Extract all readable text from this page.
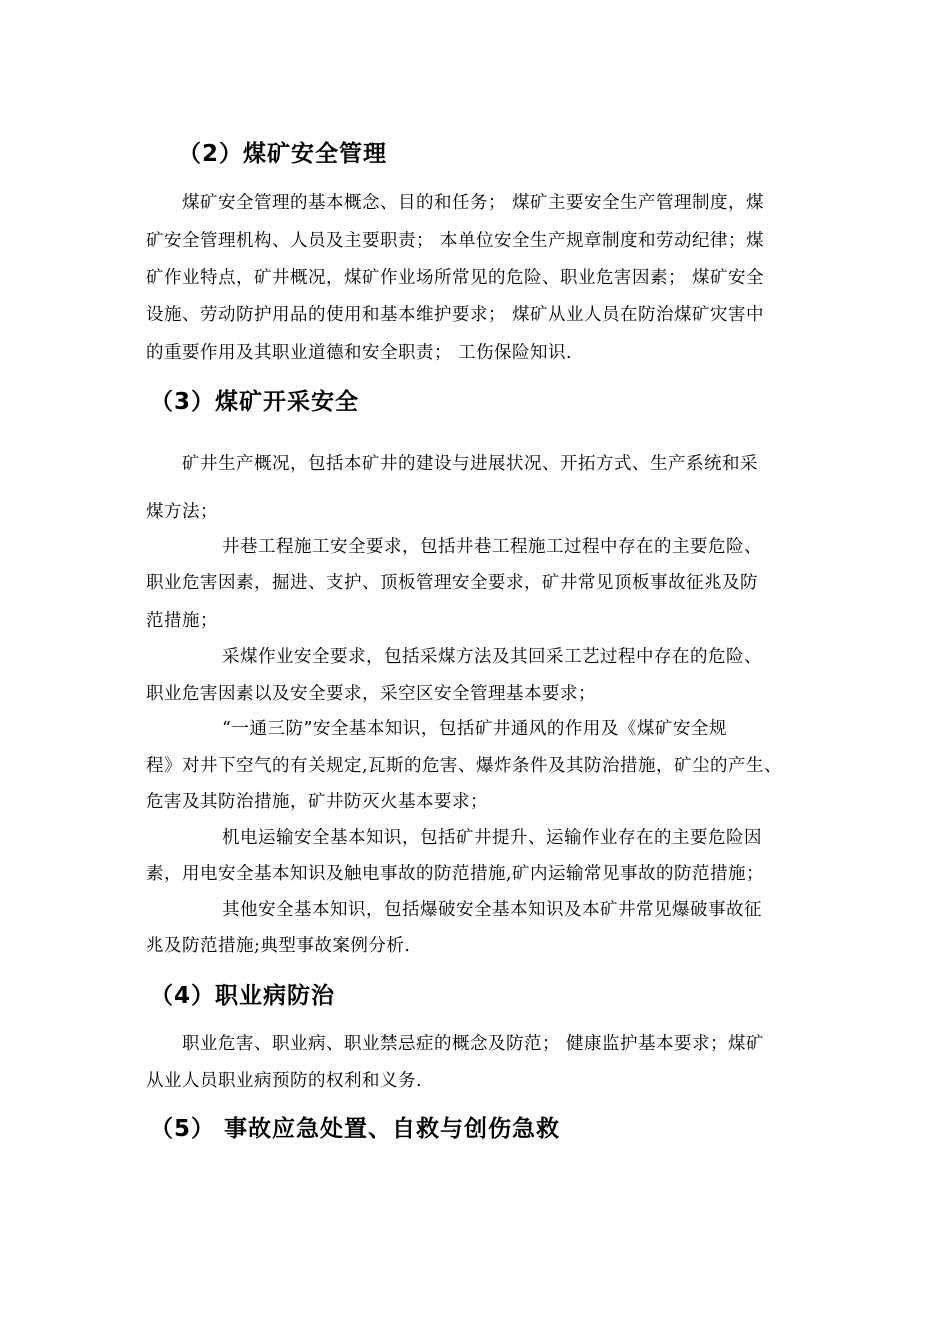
（2）煤矿安全管理
煤矿安全管理的基本概念、目的和任务； 煤矿主要安全生产管理制度，煤
矿安全管理机构、人员及主要职责； 本单位安全生产规章制度和劳动纪律；煤
矿作业特点，矿井概况，煤矿作业场所常见的危险、职业危害因素； 煤矿安全
设施、劳动防护用品的使用和基本维护要求； 煤矿从业人员在防治煤矿灾害中
的重要作用及其职业道德和安全职责； 工伤保险知识.
（3）煤矿开采安全
矿井生产概况，包括本矿井的建设与进展状况、开拓方式、生产系统和采
煤方法；
井巷工程施工安全要求，包括井巷工程施工过程中存在的主要危险、
职业危害因素，掘进、支护、顶板管理安全要求，矿井常见顶板事故征兆及防
范措施；
采煤作业安全要求，包括采煤方法及其回采工艺过程中存在的危险、
职业危害因素以及安全要求，采空区安全管理基本要求；
“一通三防”安全基本知识，包括矿井通风的作用及《煤矿安全规
程》对井下空气的有关规定,瓦斯的危害、爆炸条件及其防治措施，矿尘的产生、
危害及其防治措施，矿井防灭火基本要求；
机电运输安全基本知识，包括矿井提升、运输作业存在的主要危险因
素，用电安全基本知识及触电事故的防范措施,矿内运输常见事故的防范措施；
其他安全基本知识，包括爆破安全基本知识及本矿井常见爆破事故征
兆及防范措施;典型事故案例分析.
（4）职业病防治
职业危害、职业病、职业禁忌症的概念及防范； 健康监护基本要求；煤矿
从业人员职业病预防的权利和义务.
（5） 事故应急处置、自救与创伤急救
